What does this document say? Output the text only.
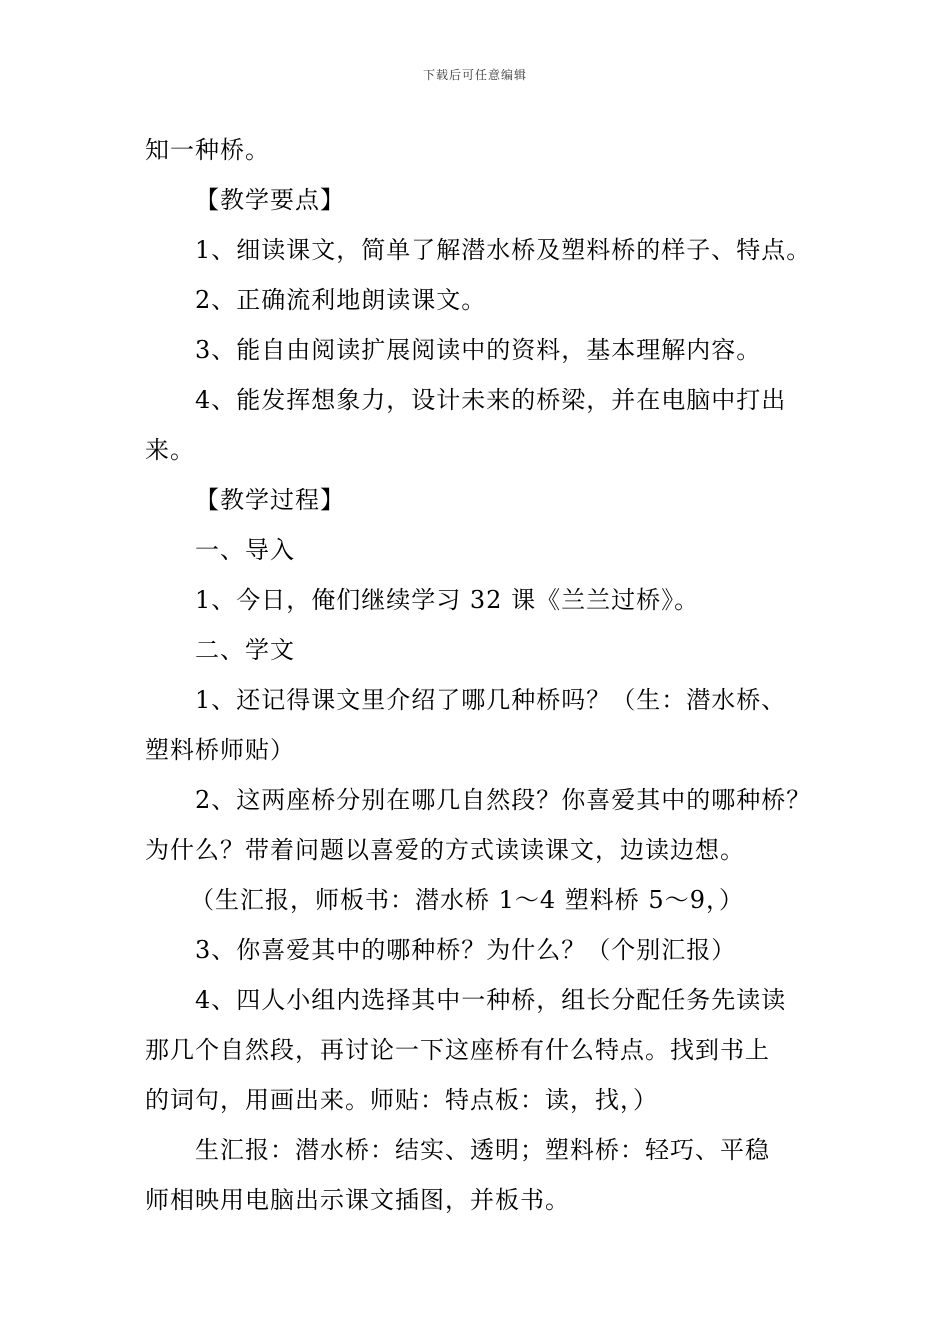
下载后可任意编辑
知一种桥。
【教学要点】
1、细读课文，简单了解潜水桥及塑料桥的样子、特点。
2、正确流利地朗读课文。
3、能自由阅读扩展阅读中的资料，基本理解内容。
4、能发挥想象力，设计未来的桥梁，并在电脑中打出
来。
【教学过程】
一、导入
1、今日，俺们继续学习 32 课《兰兰过桥》。
二、学文
1、还记得课文里介绍了哪几种桥吗？（生：潜水桥、
塑料桥师贴）
2、这两座桥分别在哪几自然段？你喜爱其中的哪种桥？
为什么？带着问题以喜爱的方式读读课文，边读边想。
（生汇报，师板书：潜水桥 1～4 塑料桥 5～9，）
3、你喜爱其中的哪种桥？为什么？（个别汇报）
4、四人小组内选择其中一种桥，组长分配任务先读读
那几个自然段，再讨论一下这座桥有什么特点。找到书上
的词句，用画出来。师贴：特点板：读，找，）
生汇报：潜水桥：结实、透明；塑料桥：轻巧、平稳
师相映用电脑出示课文插图，并板书。
